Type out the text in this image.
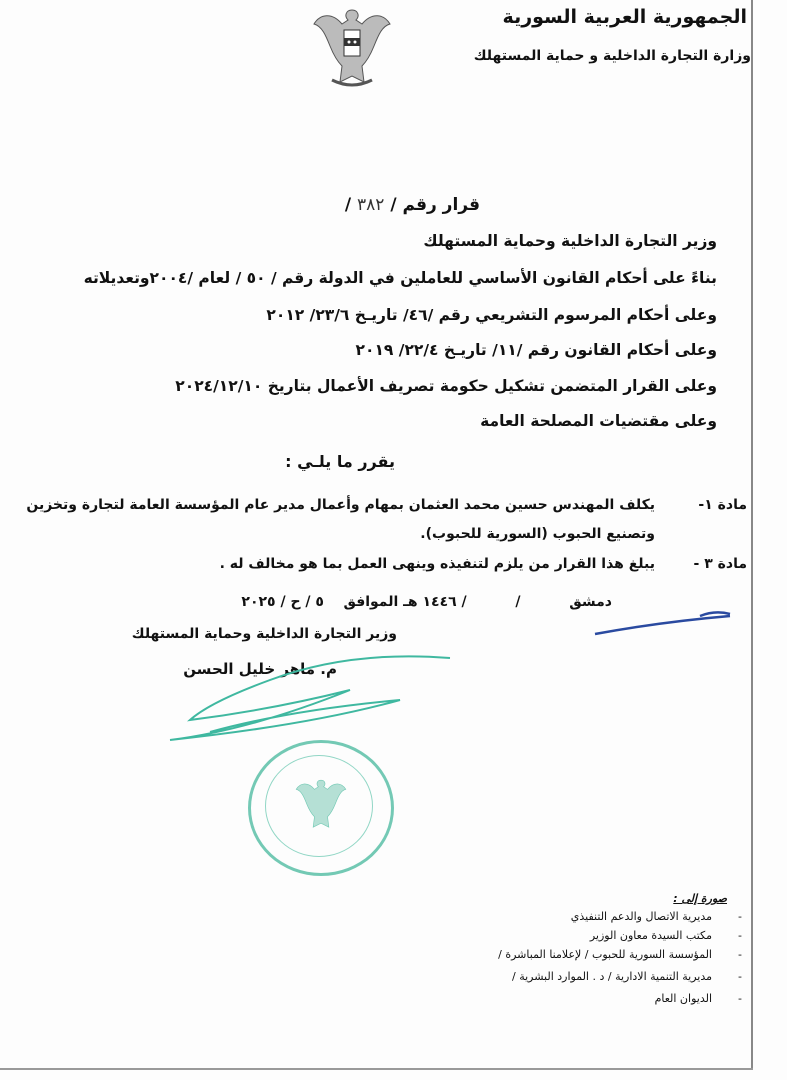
الجمهورية العربية السورية
وزارة التجارة الداخلية و حماية المستهلك
قرار رقم / ٣٨٢ /
وزير التجارة الداخلية وحماية المستهلك
بناءً على أحكام القانون الأساسي للعاملين في الدولة رقم / ٥٠ / لعام /٢٠٠٤وتعديلاته
وعلى أحكام المرسوم التشريعي رقم /٤٦/ تاريـخ ٢٣/٦/ ٢٠١٢
وعلى أحكام القانون رقم /١١/ تاريـخ ٢٢/٤/ ٢٠١٩
وعلى القرار المتضمن تشكيل حكومة تصريف الأعمال بتاريخ ٢٠٢٤/١٢/١٠
وعلى مقتضيات المصلحة العامة
يقرر ما يلـي :
مادة ١-يكلف المهندس حسين محمد العثمان بمهام وأعمال مدير عام المؤسسة العامة لتجارة وتخزين
وتصنيع الحبوب (السورية للحبوب).
مادة ٣ -يبلغ هذا القرار من يلزم لتنفيذه وينهى العمل بما هو مخالف له .
دمشق          /          / ١٤٤٦ هـ الموافق    ٥ / ح / ٢٠٢٥
وزير التجارة الداخلية وحماية المستهلك
م. ماهر خليل الحسن
صورة إلى :
-مديرية الاتصال والدعم التنفيذي
-مكتب السيدة معاون الوزير
-المؤسسة السورية للحبوب / لإعلامنا المباشرة /
-مديرية التنمية الادارية / د . الموارد البشرية /
-الديوان العام
